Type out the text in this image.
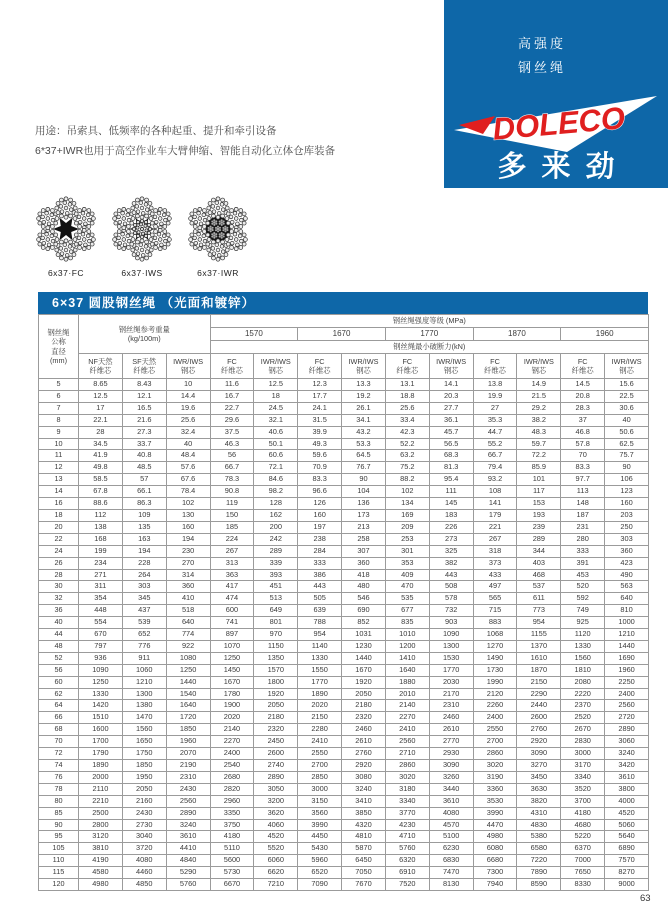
高强度
钢丝绳
DOLECO
多来劲
用途：吊索具、低频率的各种起重、提升和牵引设备
6*37+IWR也用于高空作业车大臂伸缩、智能自动化立体仓库装备
6x37·FC	6x37·IWS	6x37·IWR
6×37 圆股钢丝绳 （光面和镀锌）
钢丝绳
公称
直径
(mm)	
钢丝绳参考重量
(kg/100m)
	钢丝绳强度等级 (MPa)
				1570		1670		1770		1870		1960	
				钢丝绳最小破断力(kN)									

NF天然
纤维芯

SF天然
纤维芯

IWR/IWS
钢芯

FC
纤维芯

IWR/IWS
钢芯

FC
纤维芯

IWR/IWS
钢芯

FC
纤维芯

IWR/IWS
钢芯

FC
纤维芯

IWR/IWS
钢芯

FC
纤维芯

IWR/IWS
钢芯

5	8.65	8.43	10	11.6	12.5	12.3	13.3	13.1	14.1	13.8	14.9	14.5	15.6
6	12.5	12.1	14.4	16.7	18	17.7	19.2	18.8	20.3	19.9	21.5	20.8	22.5
7	17	16.5	19.6	22.7	24.5	24.1	26.1	25.6	27.7	27	29.2	28.3	30.6
8	22.1	21.6	25.6	29.6	32.1	31.5	34.1	33.4	36.1	35.3	38.2	37	40
9	28	27.3	32.4	37.5	40.6	39.9	43.2	42.3	45.7	44.7	48.3	46.8	50.6
10	34.5	33.7	40	46.3	50.1	49.3	53.3	52.2	56.5	55.2	59.7	57.8	62.5
11	41.9	40.8	48.4	56	60.6	59.6	64.5	63.2	68.3	66.7	72.2	70	75.7
12	49.8	48.5	57.6	66.7	72.1	70.9	76.7	75.2	81.3	79.4	85.9	83.3	90
13	58.5	57	67.6	78.3	84.6	83.3	90	88.2	95.4	93.2	101	97.7	106
14	67.8	66.1	78.4	90.8	98.2	96.6	104	102	111	108	117	113	123
16	88.6	86.3	102	119	128	126	136	134	145	141	153	148	160
18	112	109	130	150	162	160	173	169	183	179	193	187	203
20	138	135	160	185	200	197	213	209	226	221	239	231	250
22	168	163	194	224	242	238	258	253	273	267	289	280	303
24	199	194	230	267	289	284	307	301	325	318	344	333	360
26	234	228	270	313	339	333	360	353	382	373	403	391	423
28	271	264	314	363	393	386	418	409	443	433	468	453	490
30	311	303	360	417	451	443	480	470	508	497	537	520	563
32	354	345	410	474	513	505	546	535	578	565	611	592	640
36	448	437	518	600	649	639	690	677	732	715	773	749	810
40	554	539	640	741	801	788	852	835	903	883	954	925	1000
44	670	652	774	897	970	954	1031	1010	1090	1068	1155	1120	1210
48	797	776	922	1070	1150	1140	1230	1200	1300	1270	1370	1330	1440
52	936	911	1080	1250	1350	1330	1440	1410	1530	1490	1610	1560	1690
56	1090	1060	1250	1450	1570	1550	1670	1640	1770	1730	1870	1810	1960
60	1250	1210	1440	1670	1800	1770	1920	1880	2030	1990	2150	2080	2250
62	1330	1300	1540	1780	1920	1890	2050	2010	2170	2120	2290	2220	2400
64	1420	1380	1640	1900	2050	2020	2180	2140	2310	2260	2440	2370	2560
66	1510	1470	1720	2020	2180	2150	2320	2270	2460	2400	2600	2520	2720
68	1600	1560	1850	2140	2320	2280	2460	2410	2610	2550	2760	2670	2890
70	1700	1650	1960	2270	2450	2410	2610	2560	2770	2700	2920	2830	3060
72	1790	1750	2070	2400	2600	2550	2760	2710	2930	2860	3090	3000	3240
74	1890	1850	2190	2540	2740	2700	2920	2860	3090	3020	3270	3170	3420
76	2000	1950	2310	2680	2890	2850	3080	3020	3260	3190	3450	3340	3610
78	2110	2050	2430	2820	3050	3000	3240	3180	3440	3360	3630	3520	3800
80	2210	2160	2560	2960	3200	3150	3410	3340	3610	3530	3820	3700	4000
85	2500	2430	2890	3350	3620	3560	3850	3770	4080	3990	4310	4180	4520
90	2800	2730	3240	3750	4060	3990	4320	4230	4570	4470	4830	4680	5060
95	3120	3040	3610	4180	4520	4450	4810	4710	5100	4980	5380	5220	5640
105	3810	3720	4410	5110	5520	5430	5870	5760	6230	6080	6580	6370	6890
110	4190	4080	4840	5600	6060	5960	6450	6320	6830	6680	7220	7000	7570
115	4580	4460	5290	5730	6620	6520	7050	6910	7470	7300	7890	7650	8270
120	4980	4850	5760	6670	7210	7090	7670	7520	8130	7940	8590	8330	9000
63
